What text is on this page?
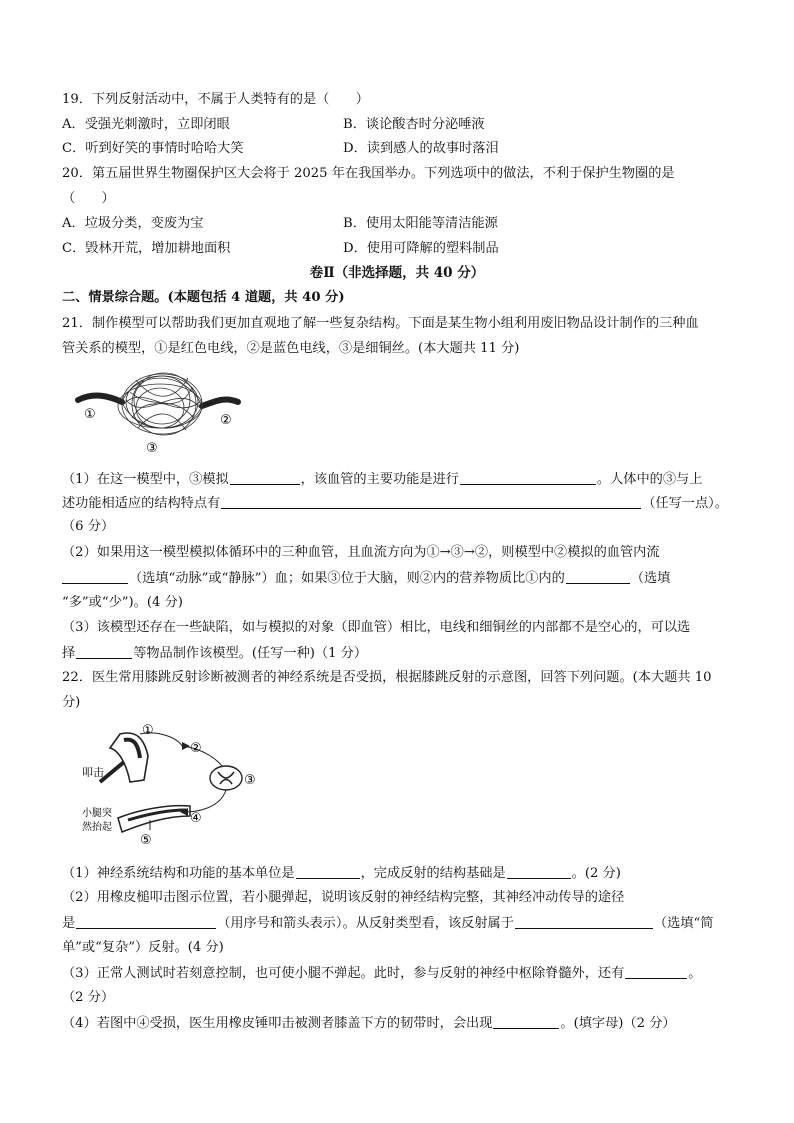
19．下列反射活动中，不属于人类特有的是（　　）
A．受强光刺激时，立即闭眼	B．谈论酸杏时分泌唾液
C．听到好笑的事情时哈哈大笑	D．读到感人的故事时落泪
20．第五届世界生物圈保护区大会将于 2025 年在我国举办。下列选项中的做法，不利于保护生物圈的是
（　　）
A．垃圾分类，变废为宝	B．使用太阳能等清洁能源
C．毁林开荒，增加耕地面积	D．使用可降解的塑料制品
卷Ⅱ（非选择题，共 40 分）
二、情景综合题。(本题包括 4 道题，共 40 分)
21．制作模型可以帮助我们更加直观地了解一些复杂结构。下面是某生物小组利用废旧物品设计制作的三种血
管关系的模型，①是红色电线，②是蓝色电线，③是细铜丝。(本大题共 11 分)
①	②
③
（1）在这一模型中，③模拟	，该血管的主要功能是进行	。人体中的③与上
述功能相适应的结构特点有	（任写一点）。
（6 分）
（2）如果用这一模型模拟体循环中的三种血管，且血流方向为①→③→②，则模型中②模拟的血管内流
（选填“动脉”或“静脉”）血；如果③位于大脑，则②内的营养物质比①内的	（选填
“多”或“少”)。(4 分)
（3）该模型还存在一些缺陷，如与模拟的对象（即血管）相比，电线和细铜丝的内部都不是空心的，可以选
择	等物品制作该模型。(任写一种)（1 分）
22．医生常用膝跳反射诊断被测者的神经系统是否受损，根据膝跳反射的示意图，回答下列问题。(本大题共 10
分)
叩击
①
②
③
④
⑤
小腿突
然抬起
（1）神经系统结构和功能的基本单位是	，完成反射的结构基础是	。(2 分)
（2）用橡皮槌叩击图示位置，若小腿弹起，说明该反射的神经结构完整，其神经冲动传导的途径
是	（用序号和箭头表示）。从反射类型看，该反射属于	（选填“简
单”或“复杂”）反射。(4 分)
（3）正常人测试时若刻意控制，也可使小腿不弹起。此时，参与反射的神经中枢除脊髓外，还有	。
（2 分）
（4）若图中④受损，医生用橡皮锤叩击被测者膝盖下方的韧带时，会出现	。(填字母)（2 分）
